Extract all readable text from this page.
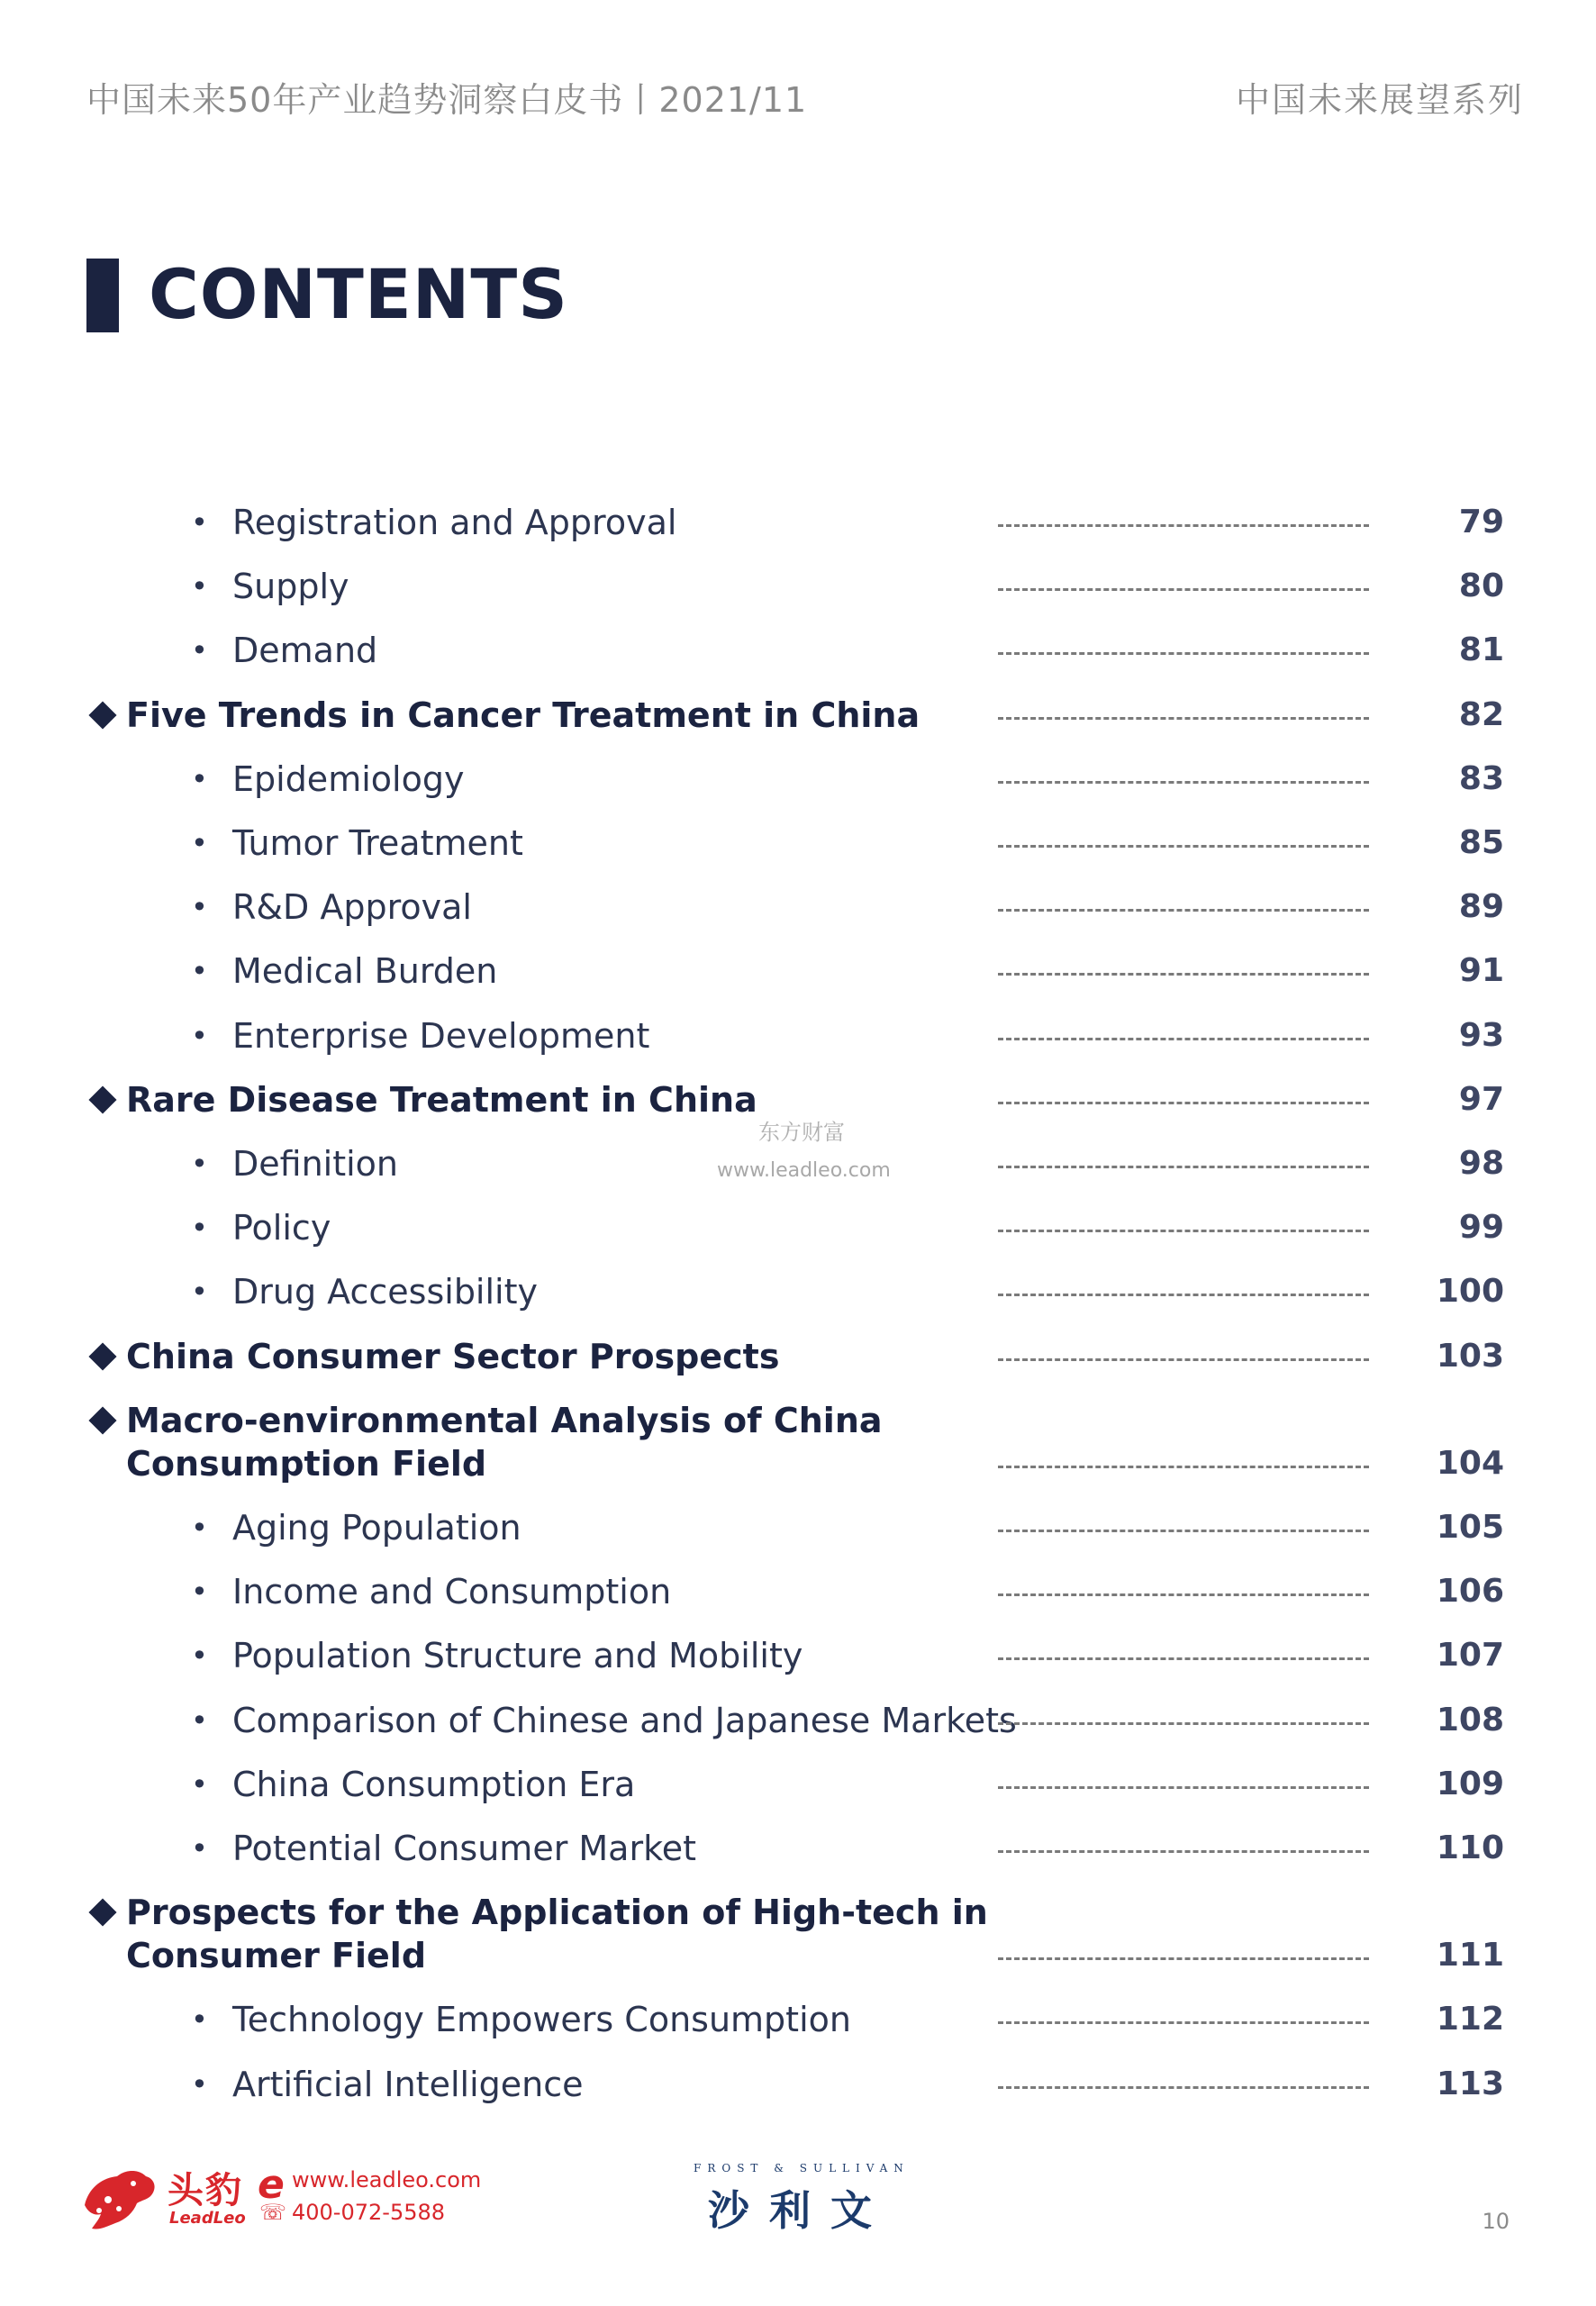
中国未来50年产业趋势洞察白皮书丨2021/11	中国未来展望系列
CONTENTS
• Registration and Approval	79
• Supply	80
• Demand	81
Five Trends in Cancer Treatment in China	82
• Epidemiology	83
• Tumor Treatment	85
• R&D Approval	89
• Medical Burden	91
• Enterprise Development	93
Rare Disease Treatment in China	97
• Definition	98
• Policy	99
• Drug Accessibility	100
China Consumer Sector Prospects	103
Macro-environmental Analysis of China
Consumption Field	104
• Aging Population	105
• Income and Consumption	106
• Population Structure and Mobility	107
• Comparison of Chinese and Japanese Markets	108
• China Consumption Era	109
• Potential Consumer Market	110
Prospects for the Application of High-tech in
Consumer Field	111
• Technology Empowers Consumption	112
• Artificial Intelligence	113
东方财富
www.leadleo.com
头豹
LeadLeo
e www.leadleo.com
☏ 400-072-5588
FROST & SULLIVAN
沙利文	10
